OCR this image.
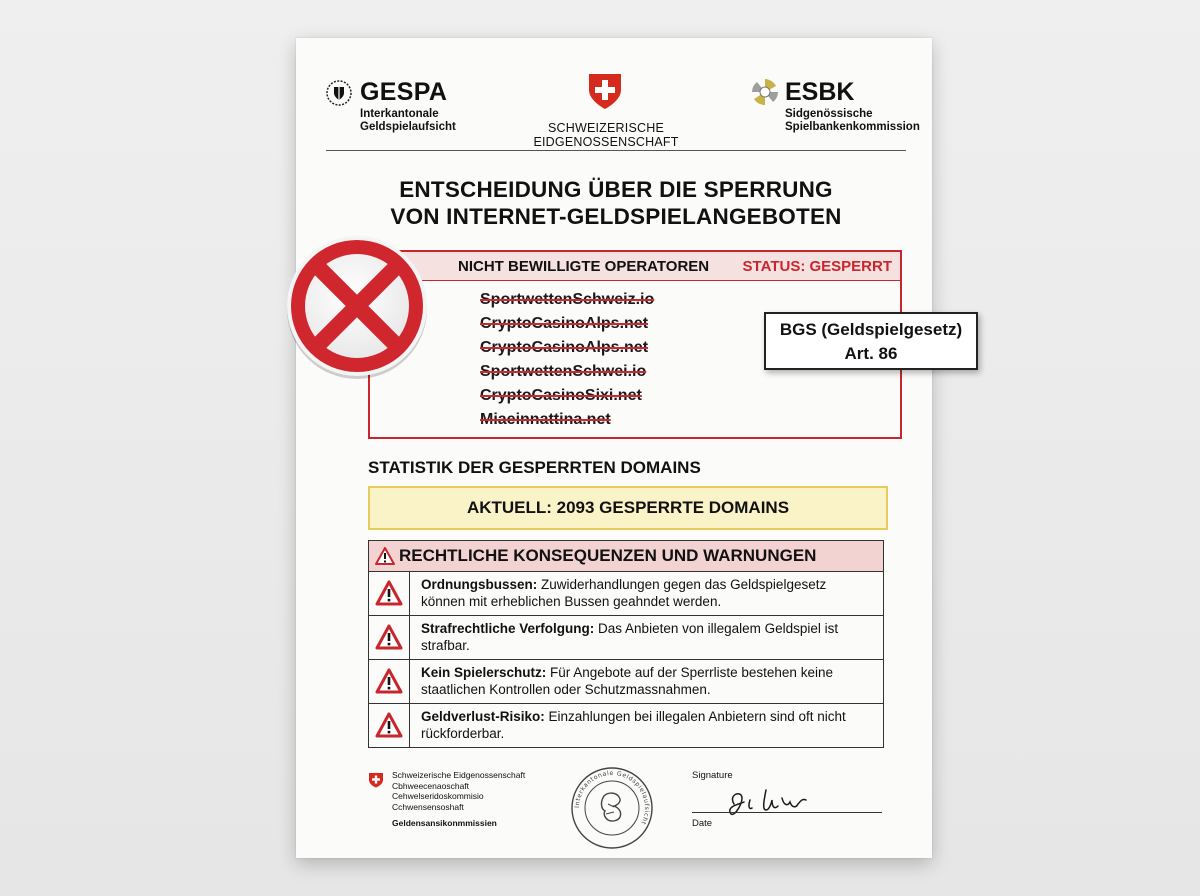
GESPA
Interkantonale
Geldspielaufsicht	SCHWEIZERISCHE EIDGENOSSENSCHAFT
ESBK
Sidgenössische
Spielbankenkommission
ENTSCHEIDUNG ÜBER DIE SPERRUNG
VON INTERNET-GELDSPIELANGEBOTEN
NICHT BEWILLIGTE OPERATOREN STATUS: GESPERRT
SportwettenSchweiz.io
CryptoCasinoAlps.net
CryptoCasinoAlps.net
SportwettenSchwei.io
CryptoCasinoSixi.net
Miaeinnattina.net
BGS (Geldspielgesetz)
Art. 86
STATISTIK DER GESPERRTEN DOMAINS
AKTUELL: 2093 GESPERRTE DOMAINS
RECHTLICHE KONSEQUENZEN UND WARNUNGEN
Ordnungsbussen: Zuwiderhandlungen gegen das Geldspielgesetz können mit erheblichen Bussen geahndet werden.
Strafrechtliche Verfolgung: Das Anbieten von illegalem Geldspiel ist strafbar.
Kein Spielerschutz: Für Angebote auf der Sperrliste bestehen keine staatlichen Kontrollen oder Schutzmassnahmen.
Geldverlust-Risiko: Einzahlungen bei illegalen Anbietern sind oft nicht rückforderbar.
Schweizerische Eidgenossenschaft
Cbhweecenaoschaft
Cehwelseridoskommisio
Cchwensensoshaft
Geldensansikonmmissien
Interkantonale Geldspielaufsicht
Signature
Date
